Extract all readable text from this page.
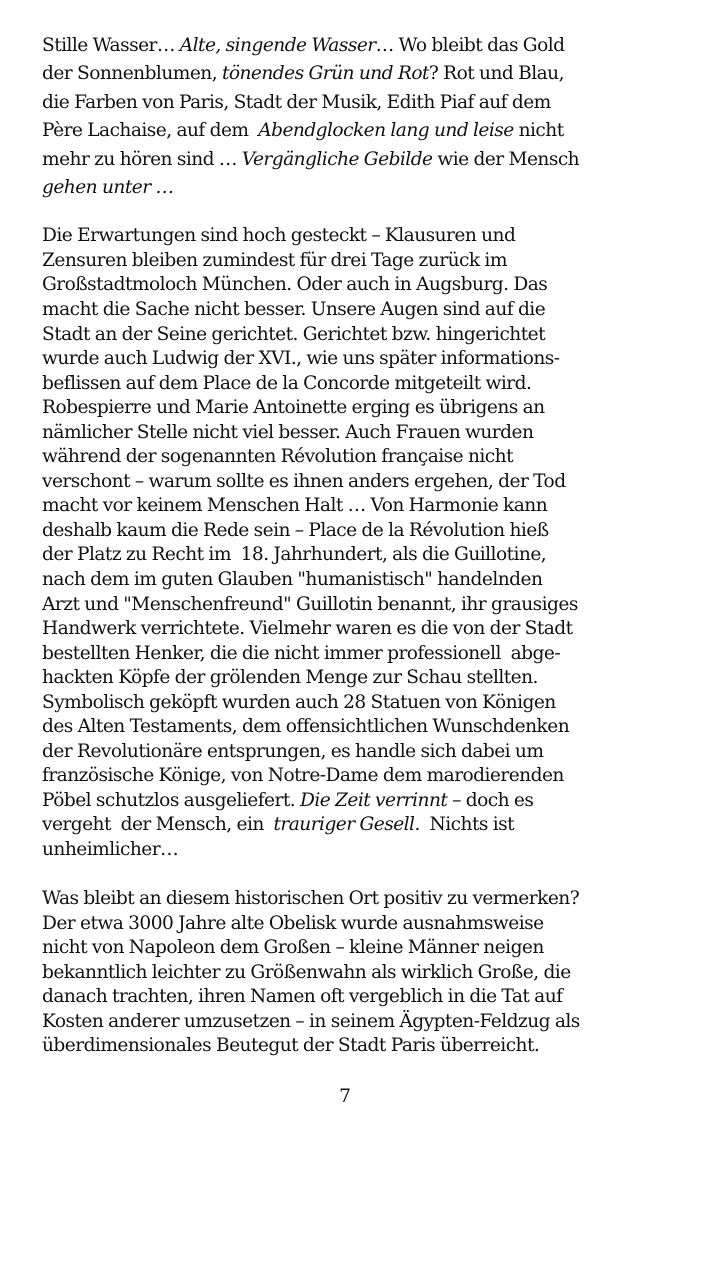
Stille Wasser… Alte, singende Wasser… Wo bleibt das Gold
der Sonnenblumen, tönendes Grün und Rot? Rot und Blau,
die Farben von Paris, Stadt der Musik, Edith Piaf auf dem
Père Lachaise, auf dem  Abendglocken lang und leise nicht
mehr zu hören sind … Vergängliche Gebilde wie der Mensch
gehen unter …
Die Erwartungen sind hoch gesteckt – Klausuren und
Zensuren bleiben zumindest für drei Tage zurück im
Großstadtmoloch München. Oder auch in Augsburg. Das
macht die Sache nicht besser. Unsere Augen sind auf die
Stadt an der Seine gerichtet. Gerichtet bzw. hingerichtet
wurde auch Ludwig der XVI., wie uns später informations-
beflissen auf dem Place de la Concorde mitgeteilt wird.
Robespierre und Marie Antoinette erging es übrigens an
nämlicher Stelle nicht viel besser. Auch Frauen wurden
während der sogenannten Révolution française nicht
verschont – warum sollte es ihnen anders ergehen, der Tod
macht vor keinem Menschen Halt … Von Harmonie kann
deshalb kaum die Rede sein – Place de la Révolution hieß
der Platz zu Recht im  18. Jahrhundert, als die Guillotine,
nach dem im guten Glauben "humanistisch" handelnden
Arzt und "Menschenfreund" Guillotin benannt, ihr grausiges
Handwerk verrichtete. Vielmehr waren es die von der Stadt
bestellten Henker, die die nicht immer professionell  abge-
hackten Köpfe der grölenden Menge zur Schau stellten.
Symbolisch geköpft wurden auch 28 Statuen von Königen
des Alten Testaments, dem offensichtlichen Wunschdenken
der Revolutionäre entsprungen, es handle sich dabei um
französische Könige, von Notre-Dame dem marodierenden
Pöbel schutzlos ausgeliefert. Die Zeit verrinnt – doch es
vergeht  der Mensch, ein  trauriger Gesell.  Nichts ist
unheimlicher…
Was bleibt an diesem historischen Ort positiv zu vermerken?
Der etwa 3000 Jahre alte Obelisk wurde ausnahmsweise
nicht von Napoleon dem Großen – kleine Männer neigen
bekanntlich leichter zu Größenwahn als wirklich Große, die
danach trachten, ihren Namen oft vergeblich in die Tat auf
Kosten anderer umzusetzen – in seinem Ägypten-Feldzug als
überdimensionales Beutegut der Stadt Paris überreicht.
7
